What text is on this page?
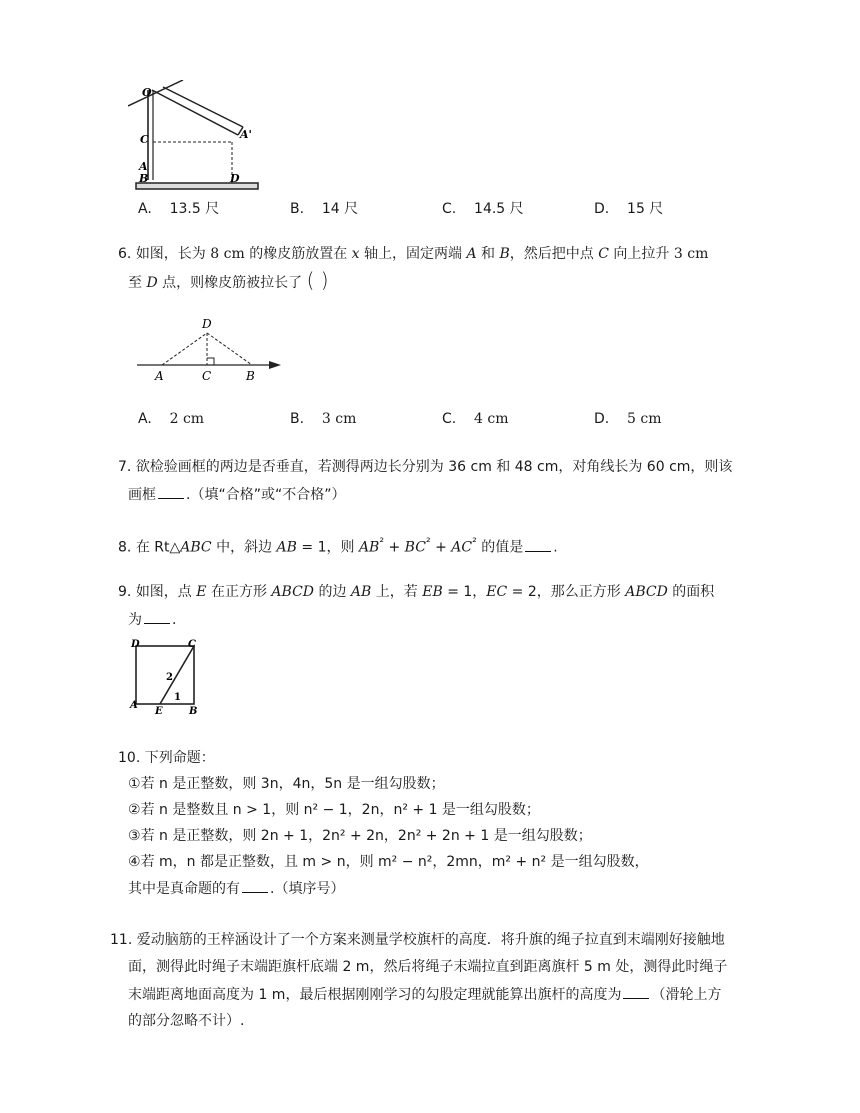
O
C	A'
A
B	D
A. 13.5 尺	B. 14 尺	C. 14.5 尺	D. 15 尺
6. 如图，长为 8 cm 的橡皮筋放置在 x 轴上，固定两端 A 和 B，然后把中点 C 向上拉升 3 cm
至 D 点，则橡皮筋被拉长了 ( )
D
A	C	B
A. 2 cm	B. 3 cm	C. 4 cm	D. 5 cm
7. 欲检验画框的两边是否垂直，若测得两边长分别为 36 cm 和 48 cm，对角线长为 60 cm，则该
画框 .（填“合格”或“不合格”）
8. 在 Rt△ABC 中，斜边 AB = 1，则 $AB^{^2} + BC^{^2} + AC^{^2}$ 的值是 .
9. 如图，点 E 在正方形 ABCD 的边 AB 上，若 EB = 1，EC = 2，那么正方形 ABCD 的面积
为 .
D	C
A
E	B
2
1
10. 下列命题：
①若 n 是正整数，则 3n，4n，5n 是一组勾股数；
②若 n 是整数且 n > 1，则 n² − 1，2n，n² + 1 是一组勾股数；
③若 n 是正整数，则 2n + 1，2n² + 2n，2n² + 2n + 1 是一组勾股数；
④若 m，n 都是正整数，且 m > n，则 m² − n²，2mn，m² + n² 是一组勾股数，
其中是真命题的有 .（填序号）
11. 爱动脑筋的王梓涵设计了一个方案来测量学校旗杆的高度．将升旗的绳子拉直到末端刚好接触地
面，测得此时绳子末端距旗杆底端 2 m，然后将绳子末端拉直到距离旗杆 5 m 处，测得此时绳子
末端距离地面高度为 1 m，最后根据刚刚学习的勾股定理就能算出旗杆的高度为 （滑轮上方
的部分忽略不计）.
